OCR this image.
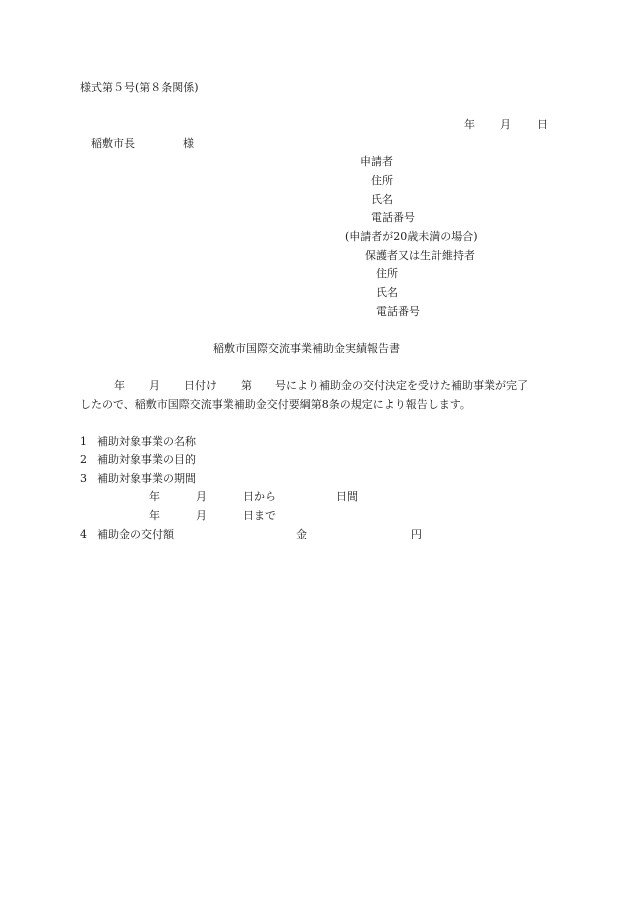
様式第５号(第８条関係)
年 月 日
稲敷市長	様
申請者
住所
氏名
電話番号
(申請者が20歳未満の場合)
保護者又は生計維持者
住所
氏名
電話番号
稲敷市国際交流事業補助金実績報告書
年 月 日付け 第 号により補助金の交付決定を受けた補助事業が完了
したので、稲敷市国際交流事業補助金交付要綱第8条の規定により報告します。
1 補助対象事業の名称
2 補助対象事業の目的
3 補助対象事業の期間
年	月	日から	日間
年	月	日まで
4 補助金の交付額	金	円
